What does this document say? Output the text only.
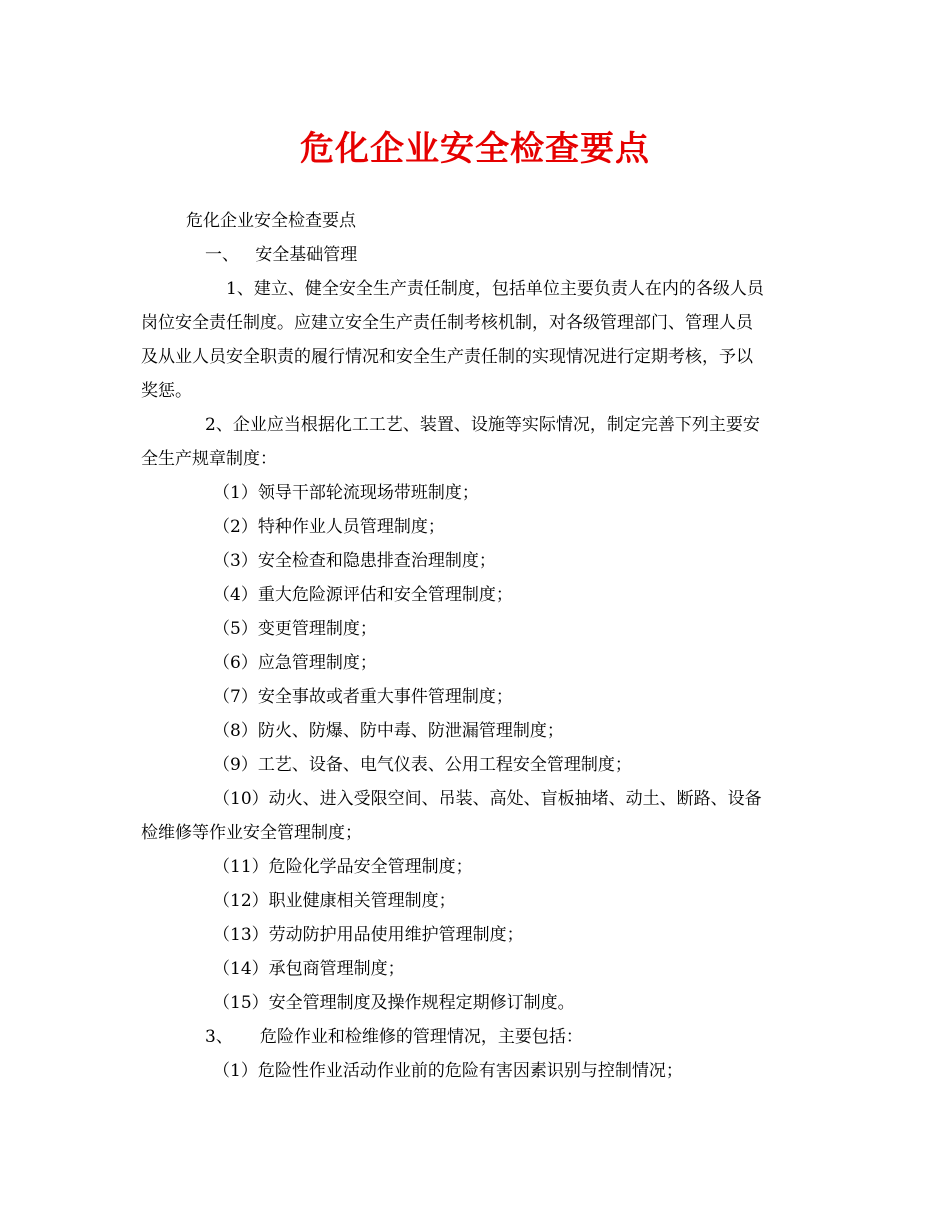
危化企业安全检查要点
危化企业安全检查要点
一、   安全基础管理
1、建立、健全安全生产责任制度，包括单位主要负责人在内的各级人员
岗位安全责任制度。应建立安全生产责任制考核机制，对各级管理部门、管理人员
及从业人员安全职责的履行情况和安全生产责任制的实现情况进行定期考核，予以
奖惩。
2、企业应当根据化工工艺、装置、设施等实际情况，制定完善下列主要安
全生产规章制度：
（1）领导干部轮流现场带班制度；
（2）特种作业人员管理制度；
（3）安全检查和隐患排查治理制度；
（4）重大危险源评估和安全管理制度；
（5）变更管理制度；
（6）应急管理制度；
（7）安全事故或者重大事件管理制度；
（8）防火、防爆、防中毒、防泄漏管理制度；
（9）工艺、设备、电气仪表、公用工程安全管理制度；
（10）动火、进入受限空间、吊装、高处、盲板抽堵、动土、断路、设备
检维修等作业安全管理制度；
（11）危险化学品安全管理制度；
（12）职业健康相关管理制度；
（13）劳动防护用品使用维护管理制度；
（14）承包商管理制度；
（15）安全管理制度及操作规程定期修订制度。
3、     危险作业和检维修的管理情况，主要包括：
（1）危险性作业活动作业前的危险有害因素识别与控制情况；
